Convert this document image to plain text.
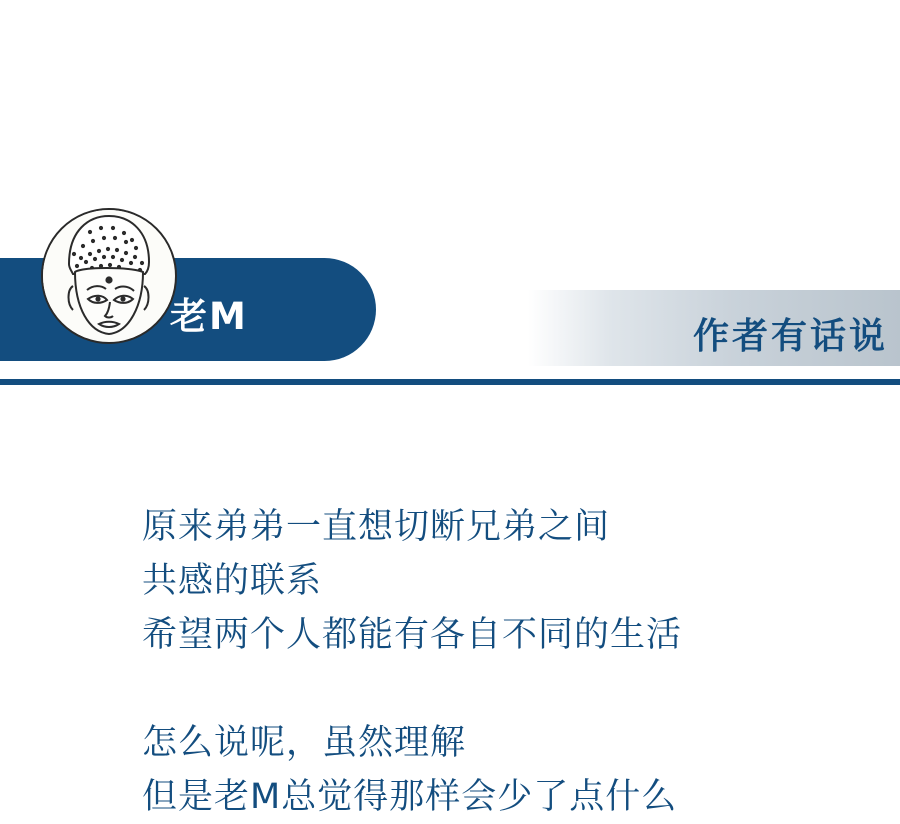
老M	作者有话说
原来弟弟一直想切断兄弟之间
共感的联系
希望两个人都能有各自不同的生活
怎么说呢，虽然理解
但是老M总觉得那样会少了点什么
